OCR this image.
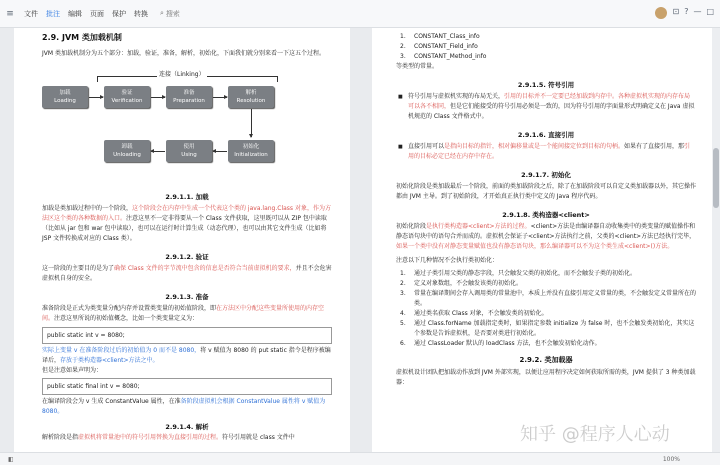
≡	文件 批注 编辑 页面 保护 转换 ⌕ 搜索	⊡ ? — □
2.9. JVM 类加载机制
JVM 类加载机制分为五个部分：加载，验证，准备，解析，初始化，下面我们就分别来看一下这五个过程。
连接（Linking）
加载
Loading
验证
Verification
准备
Preparation
解析
Resolution
初始化
Initialization
使用
Using
卸载
Unloading
2.9.1.1. 加载
加载是类加载过程中的一个阶段，这个阶段会在内存中生成一个代表这个类的 java.lang.Class 对象，作为方法区这个类的各种数据的入口。注意这里不一定非得要从一个 Class 文件获取，这里既可以从 ZIP 包中读取（比如从 jar 包和 war 包中读取），也可以在运行时计算生成（动态代理），也可以由其它文件生成（比如将 JSP 文件转换成对应的 Class 类）。
2.9.1.2. 验证
这一阶段的主要目的是为了确保 Class 文件的字节流中包含的信息是否符合当前虚拟机的要求，并且不会危害虚拟机自身的安全。
2.9.1.3. 准备
准备阶段是正式为类变量分配内存并设置类变量的初始值阶段，即在方法区中分配这些变量所使用的内存空间。注意这里所说的初始值概念，比如一个类变量定义为：
public static int v = 8080;
实际上变量 v 在准备阶段过后的初始值为 0 而不是 8080，将 v 赋值为 8080 的 put static 指令是程序被编译后，存放于类构造器<client>方法之中。
但是注意如果声明为：
public static final int v = 8080;
在编译阶段会为 v 生成 ConstantValue 属性，在准备阶段虚拟机会根据 ConstantValue 属性将 v 赋值为 8080。
2.9.1.4. 解析
解析阶段是指虚拟机将常量池中的符号引用替换为直接引用的过程。符号引用就是 class 文件中
1. CONSTANT_Class_info
2. CONSTANT_Field_info
3. CONSTANT_Method_info
等类型的常量。
2.9.1.5. 符号引用
■ 符号引用与虚拟机实现的布局无关，引用的目标并不一定要已经加载到内存中。各种虚拟机实现的内存布局可以各不相同，但是它们能接受的符号引用必须是一致的，因为符号引用的字面量形式明确定义在 Java 虚拟机规范的 Class 文件格式中。
2.9.1.6. 直接引用
■ 直接引用可以是指向目标的指针，相对偏移量或是一个能间接定位到目标的句柄。如果有了直接引用，那引用的目标必定已经在内存中存在。
2.9.1.7. 初始化
初始化阶段是类加载最后一个阶段，前面的类加载阶段之后，除了在加载阶段可以自定义类加载器以外，其它操作都由 JVM 主导。到了初始阶段，才开始真正执行类中定义的 Java 程序代码。
2.9.1.8. 类构造器<client>
初始化阶段是执行类构造器<client>方法的过程。<client>方法是由编译器自动收集类中的类变量的赋值操作和静态语句块中的语句合并而成的。虚拟机会保证子<client>方法执行之前，父类的<client>方法已经执行完毕，如果一个类中没有对静态变量赋值也没有静态语句块，那么编译器可以不为这个类生成<client>()方法。
注意以下几种情况不会执行类初始化：
1. 通过子类引用父类的静态字段，只会触发父类的初始化，而不会触发子类的初始化。
2. 定义对象数组，不会触发该类的初始化。
3. 常量在编译期间会存入调用类的常量池中，本质上并没有直接引用定义常量的类，不会触发定义常量所在的类。
4. 通过类名获取 Class 对象，不会触发类的初始化。
5. 通过 Class.forName 加载指定类时，如果指定参数 initialize 为 false 时，也不会触发类初始化，其实这个参数是告诉虚拟机，是否要对类进行初始化。
6. 通过 ClassLoader 默认的 loadClass 方法，也不会触发初始化动作。
2.9.2. 类加载器
虚拟机设计团队把加载动作放到 JVM 外部实现，以便让应用程序决定如何获取所需的类，JVM 提供了 3 种类加载器：
知乎 @程序人心动
◧	100%
